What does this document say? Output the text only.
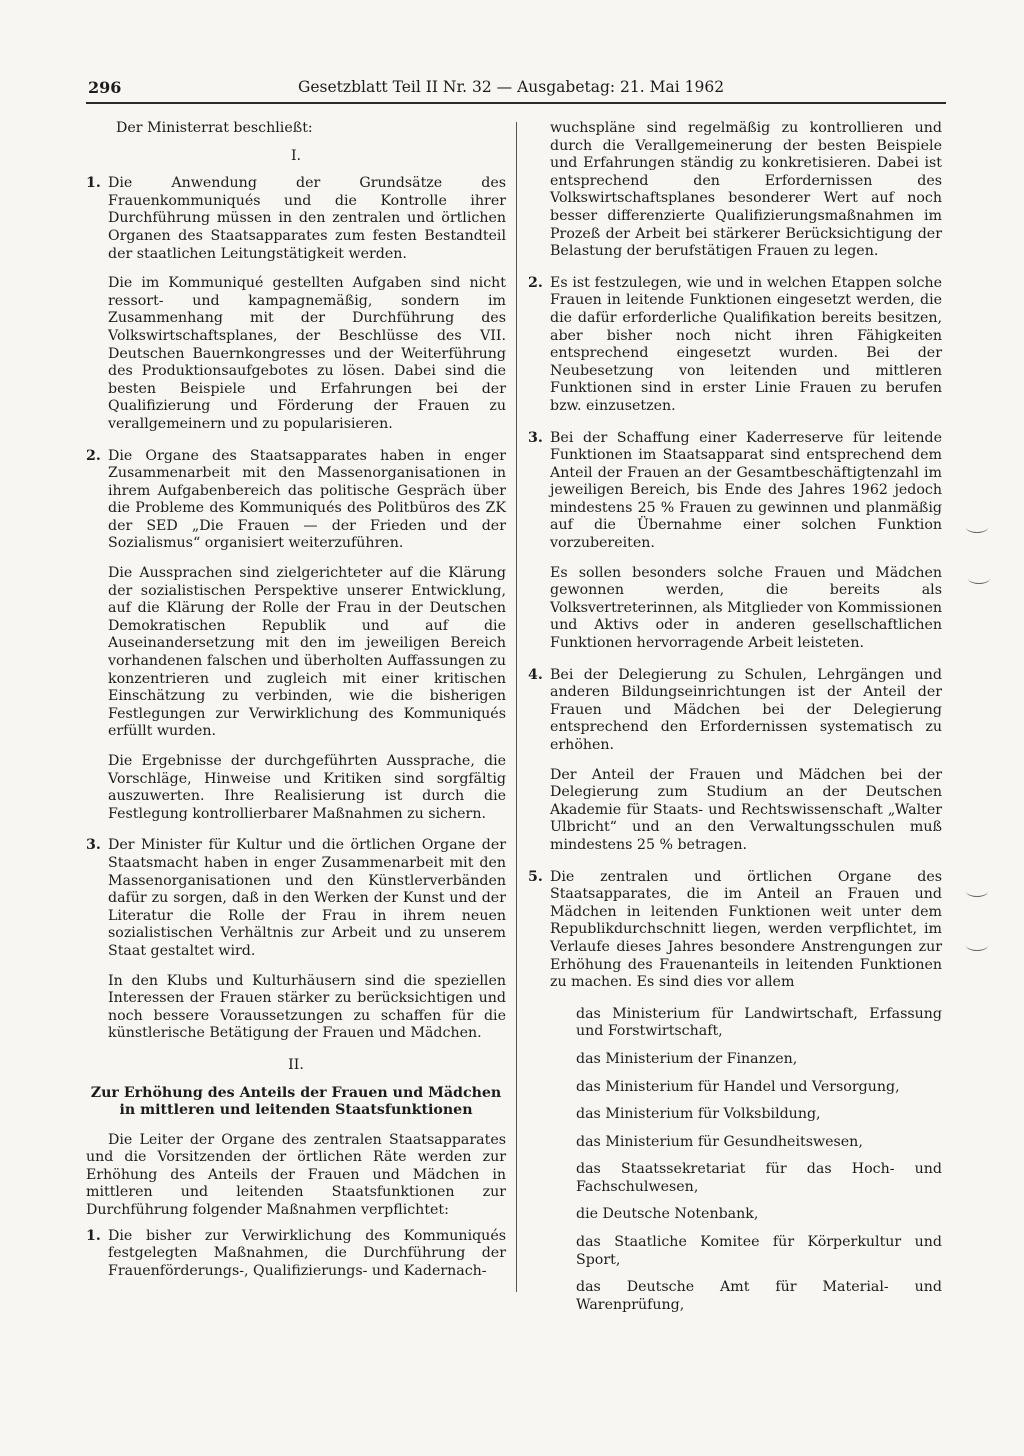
296	Gesetzblatt Teil II Nr. 32 — Ausgabetag: 21. Mai 1962

Der Ministerrat beschließt:

I.

1. Die Anwendung der Grundsätze des Frauenkommuniqués und die Kontrolle ihrer Durchführung müssen in den zentralen und örtlichen Organen des Staatsapparates zum festen Bestandteil der staatlichen Leitungstätigkeit werden.

Die im Kommuniqué gestellten Aufgaben sind nicht ressort- und kampagnemäßig, sondern im Zusammenhang mit der Durchführung des Volkswirtschaftsplanes, der Beschlüsse des VII. Deutschen Bauernkongresses und der Weiterführung des Produktionsaufgebotes zu lösen. Dabei sind die besten Beispiele und Erfahrungen bei der Qualifizierung und Förderung der Frauen zu verallgemeinern und zu popularisieren.

2. Die Organe des Staatsapparates haben in enger Zusammenarbeit mit den Massenorganisationen in ihrem Aufgabenbereich das politische Gespräch über die Probleme des Kommuniqués des Politbüros des ZK der SED „Die Frauen — der Frieden und der Sozialismus“ organisiert weiterzuführen.

Die Aussprachen sind zielgerichteter auf die Klärung der sozialistischen Perspektive unserer Entwicklung, auf die Klärung der Rolle der Frau in der Deutschen Demokratischen Republik und auf die Auseinandersetzung mit den im jeweiligen Bereich vorhandenen falschen und überholten Auffassungen zu konzentrieren und zugleich mit einer kritischen Einschätzung zu verbinden, wie die bisherigen Festlegungen zur Verwirklichung des Kommuniqués erfüllt wurden.

Die Ergebnisse der durchgeführten Aussprache, die Vorschläge, Hinweise und Kritiken sind sorgfältig auszuwerten. Ihre Realisierung ist durch die Festlegung kontrollierbarer Maßnahmen zu sichern.

3. Der Minister für Kultur und die örtlichen Organe der Staatsmacht haben in enger Zusammenarbeit mit den Massenorganisationen und den Künstlerverbänden dafür zu sorgen, daß in den Werken der Kunst und der Literatur die Rolle der Frau in ihrem neuen sozialistischen Verhältnis zur Arbeit und zu unserem Staat gestaltet wird.

In den Klubs und Kulturhäusern sind die speziellen Interessen der Frauen stärker zu berücksichtigen und noch bessere Voraussetzungen zu schaffen für die künstlerische Betätigung der Frauen und Mädchen.

II.

Zur Erhöhung des Anteils der Frauen und Mädchen in mittleren und leitenden Staatsfunktionen

Die Leiter der Organe des zentralen Staatsapparates und die Vorsitzenden der örtlichen Räte werden zur Erhöhung des Anteils der Frauen und Mädchen in mittleren und leitenden Staatsfunktionen zur Durchführung folgender Maßnahmen verpflichtet:

1. Die bisher zur Verwirklichung des Kommuniqués festgelegten Maßnahmen, die Durchführung der Frauenförderungs-, Qualifizierungs- und Kadernach-

wuchspläne sind regelmäßig zu kontrollieren und durch die Verallgemeinerung der besten Beispiele und Erfahrungen ständig zu konkretisieren. Dabei ist entsprechend den Erfordernissen des Volkswirtschaftsplanes besonderer Wert auf noch besser differenzierte Qualifizierungsmaßnahmen im Prozeß der Arbeit bei stärkerer Berücksichtigung der Belastung der berufstätigen Frauen zu legen.

2. Es ist festzulegen, wie und in welchen Etappen solche Frauen in leitende Funktionen eingesetzt werden, die die dafür erforderliche Qualifikation bereits besitzen, aber bisher noch nicht ihren Fähigkeiten entsprechend eingesetzt wurden. Bei der Neubesetzung von leitenden und mittleren Funktionen sind in erster Linie Frauen zu berufen bzw. einzusetzen.

3. Bei der Schaffung einer Kaderreserve für leitende Funktionen im Staatsapparat sind entsprechend dem Anteil der Frauen an der Gesamtbeschäftigtenzahl im jeweiligen Bereich, bis Ende des Jahres 1962 jedoch mindestens 25 % Frauen zu gewinnen und planmäßig auf die Übernahme einer solchen Funktion vorzubereiten.

Es sollen besonders solche Frauen und Mädchen gewonnen werden, die bereits als Volksvertreterinnen, als Mitglieder von Kommissionen und Aktivs oder in anderen gesellschaftlichen Funktionen hervorragende Arbeit leisteten.

4. Bei der Delegierung zu Schulen, Lehrgängen und anderen Bildungseinrichtungen ist der Anteil der Frauen und Mädchen bei der Delegierung entsprechend den Erfordernissen systematisch zu erhöhen.

Der Anteil der Frauen und Mädchen bei der Delegierung zum Studium an der Deutschen Akademie für Staats- und Rechtswissenschaft „Walter Ulbricht“ und an den Verwaltungsschulen muß mindestens 25 % betragen.

5. Die zentralen und örtlichen Organe des Staatsapparates, die im Anteil an Frauen und Mädchen in leitenden Funktionen weit unter dem Republikdurchschnitt liegen, werden verpflichtet, im Verlaufe dieses Jahres besondere Anstrengungen zur Erhöhung des Frauenanteils in leitenden Funktionen zu machen. Es sind dies vor allem

das Ministerium für Landwirtschaft, Erfassung und Forstwirtschaft,
das Ministerium der Finanzen,
das Ministerium für Handel und Versorgung,
das Ministerium für Volksbildung,
das Ministerium für Gesundheitswesen,
das Staatssekretariat für das Hoch- und Fachschulwesen,
die Deutsche Notenbank,
das Staatliche Komitee für Körperkultur und Sport,
das Deutsche Amt für Material- und Warenprüfung,
